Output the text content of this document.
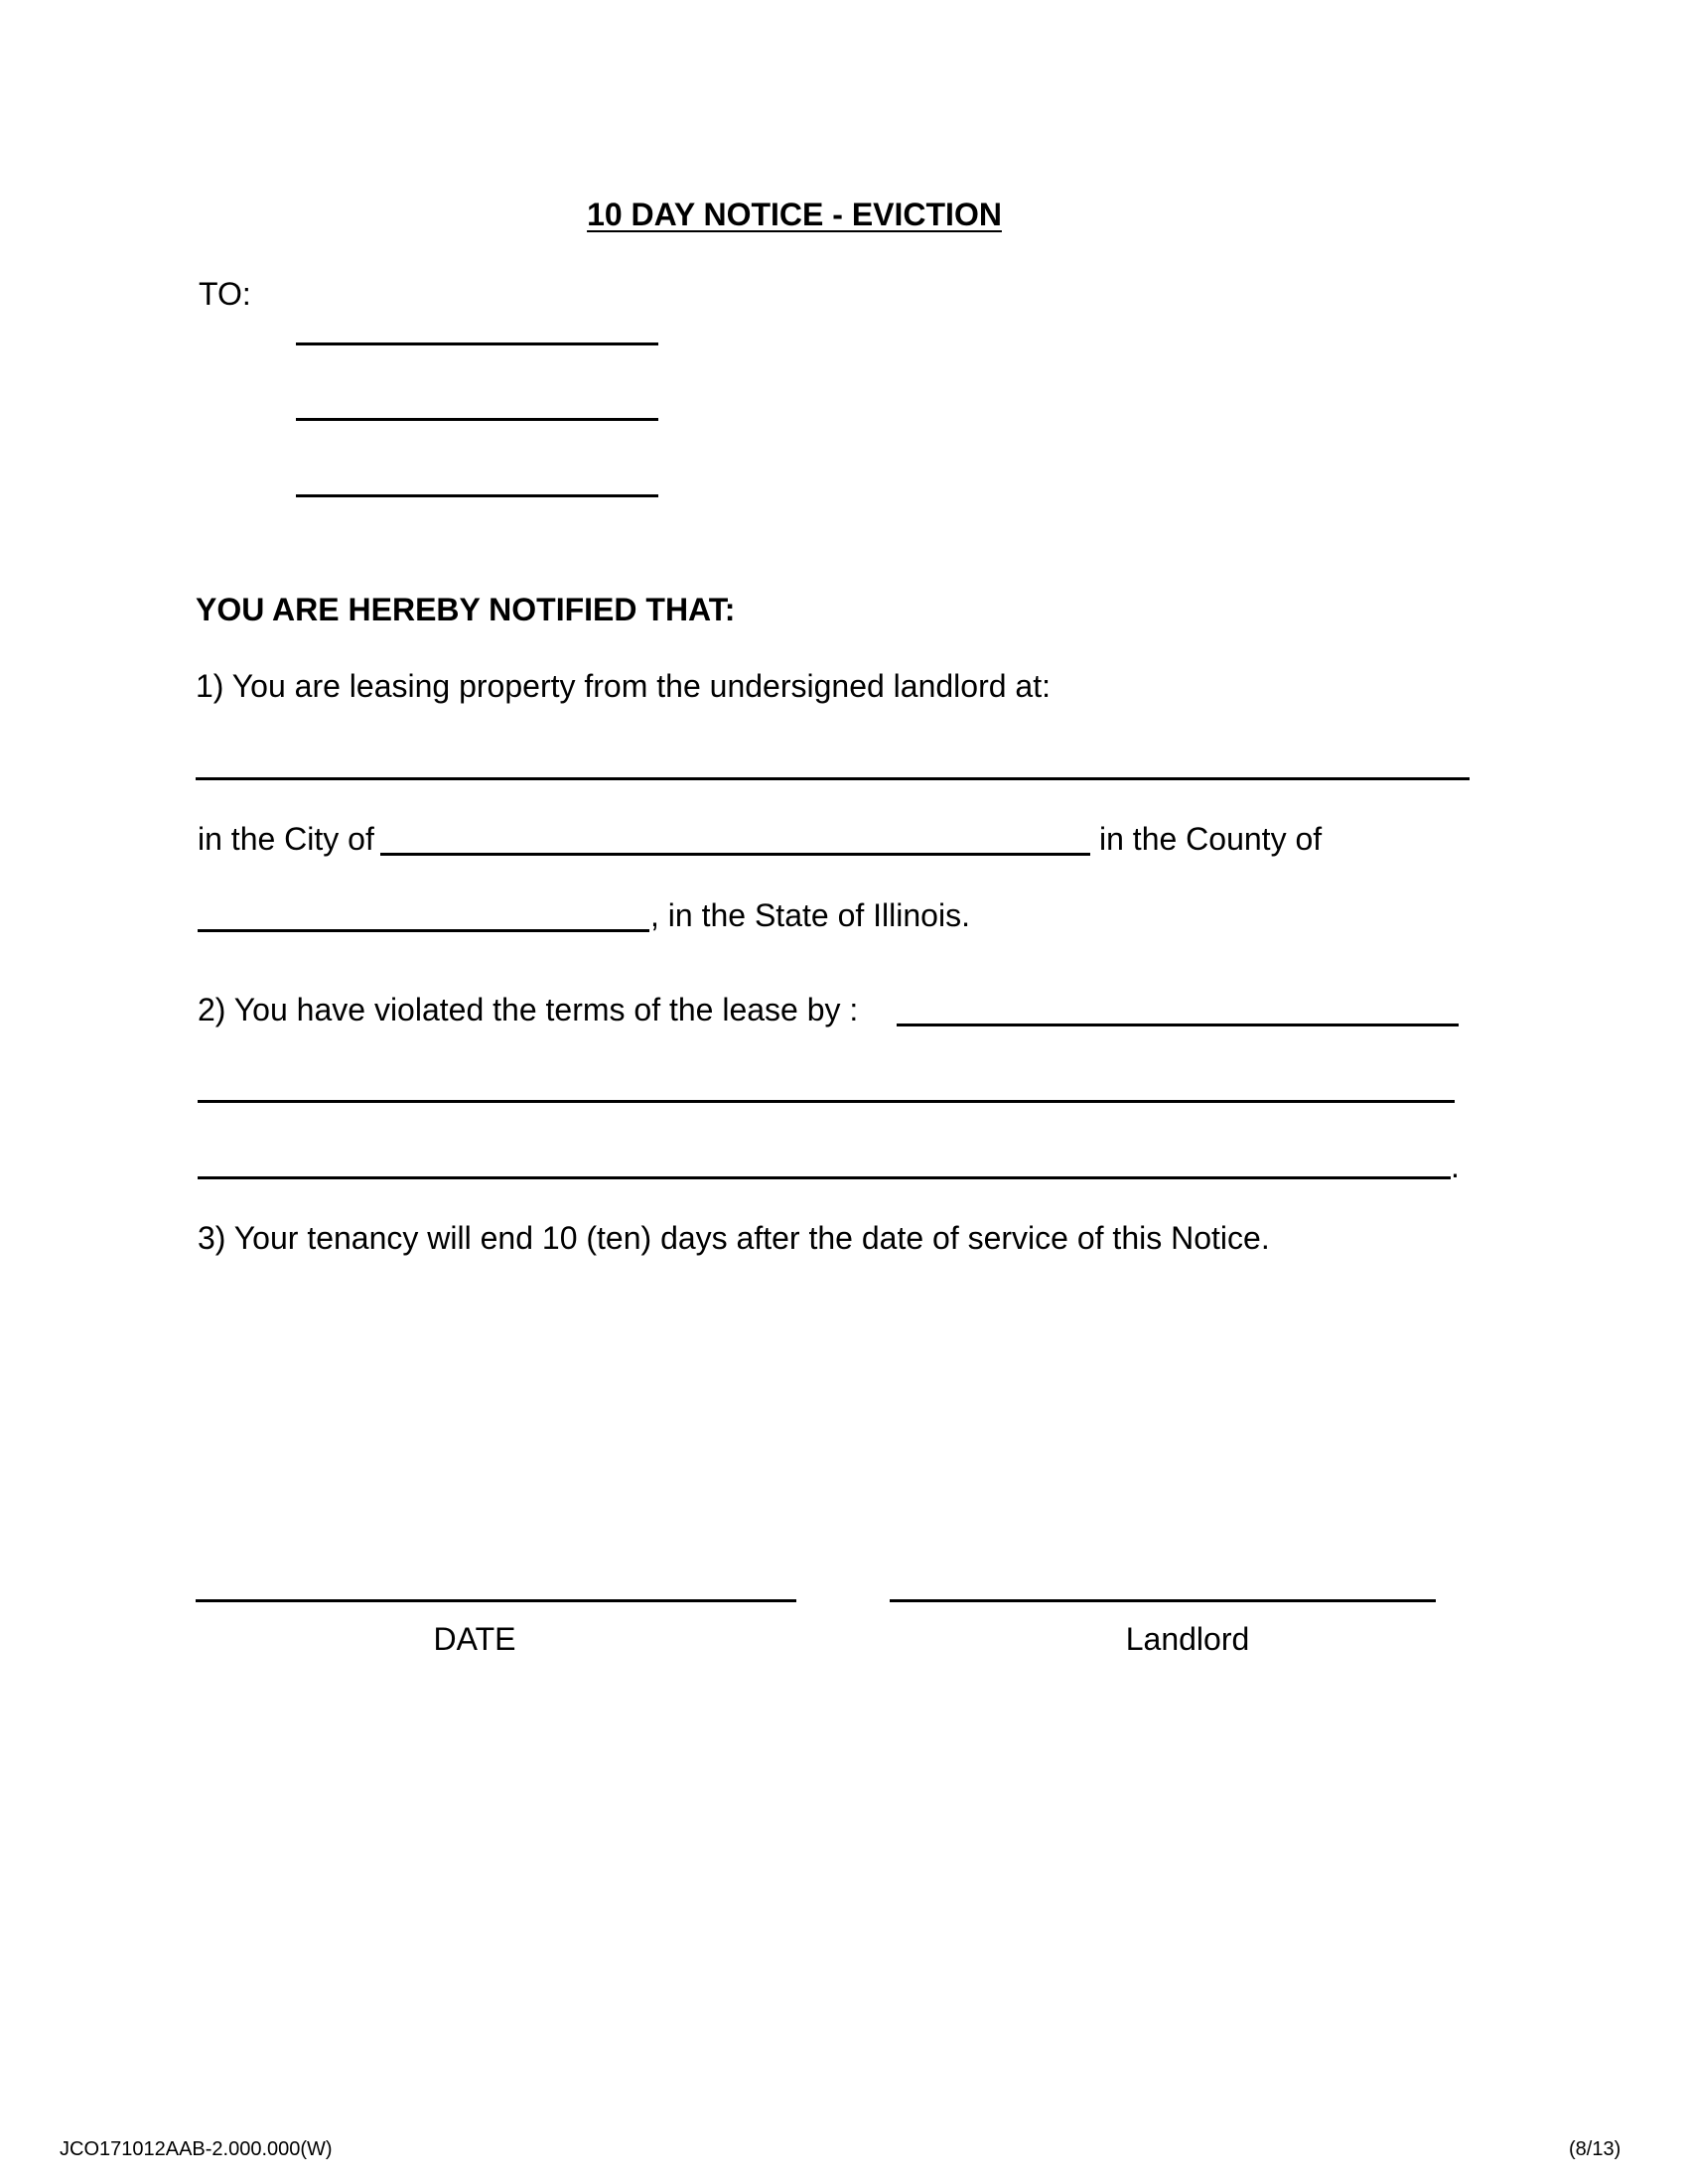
10 DAY NOTICE - EVICTION
TO:
YOU ARE HEREBY NOTIFIED THAT:
1) You are leasing property from the undersigned landlord at:
in the City of	in the County of
, in the State of Illinois.
2) You have violated the terms of the lease by :
.
3) Your tenancy will end 10 (ten) days after the date of service of this Notice.
DATE	Landlord
JCO171012AAB-2.000.000(W)	(8/13)
